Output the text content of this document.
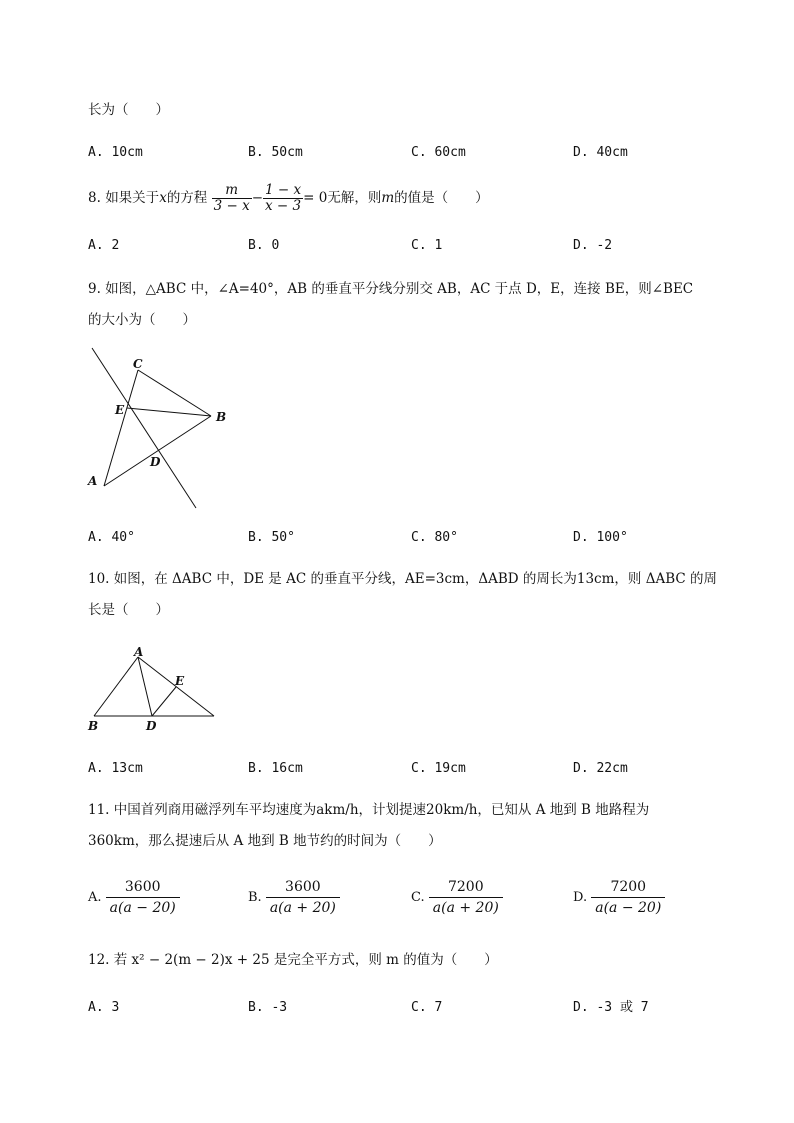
长为（　　）
A. 10cm	B. 50cm	C. 60cm	D. 40cm
8. 如果关于x的方程 $\frac{m}{3 - x} - \frac{1 - x}{x - 3} = 0$无解，则m的值是（　　）
A. 2	B. 0	C. 1	D. -2
9. 如图，△ABC 中，∠A=40°，AB 的垂直平分线分别交 AB，AC 于点 D，E，连接 BE，则∠BEC
的大小为（　　）
C
B
E
D
A
A. 40°	B. 50°	C. 80°	D. 100°
10. 如图，在 ΔABC 中，DE 是 AC 的垂直平分线，AE=3cm，ΔABD 的周长为13cm，则 ΔABC 的周
长是（　　）
A
E
B	D
A. 13cm	B. 16cm	C. 19cm	D. 22cm
11. 中国首列商用磁浮列车平均速度为akm/h，计划提速20km/h，已知从 A 地到 B 地路程为
360km，那么提速后从 A 地到 B 地节约的时间为（　　）
A. $\frac{3600}{a(a - 20)}$	B. $\frac{3600}{a(a + 20)}$	C. $\frac{7200}{a(a + 20)}$	D. $\frac{7200}{a(a - 20)}$
12. 若 x² − 2(m − 2)x + 25 是完全平方式，则 m 的值为（　　）
A. 3	B. -3	C. 7	D. -3 或 7
